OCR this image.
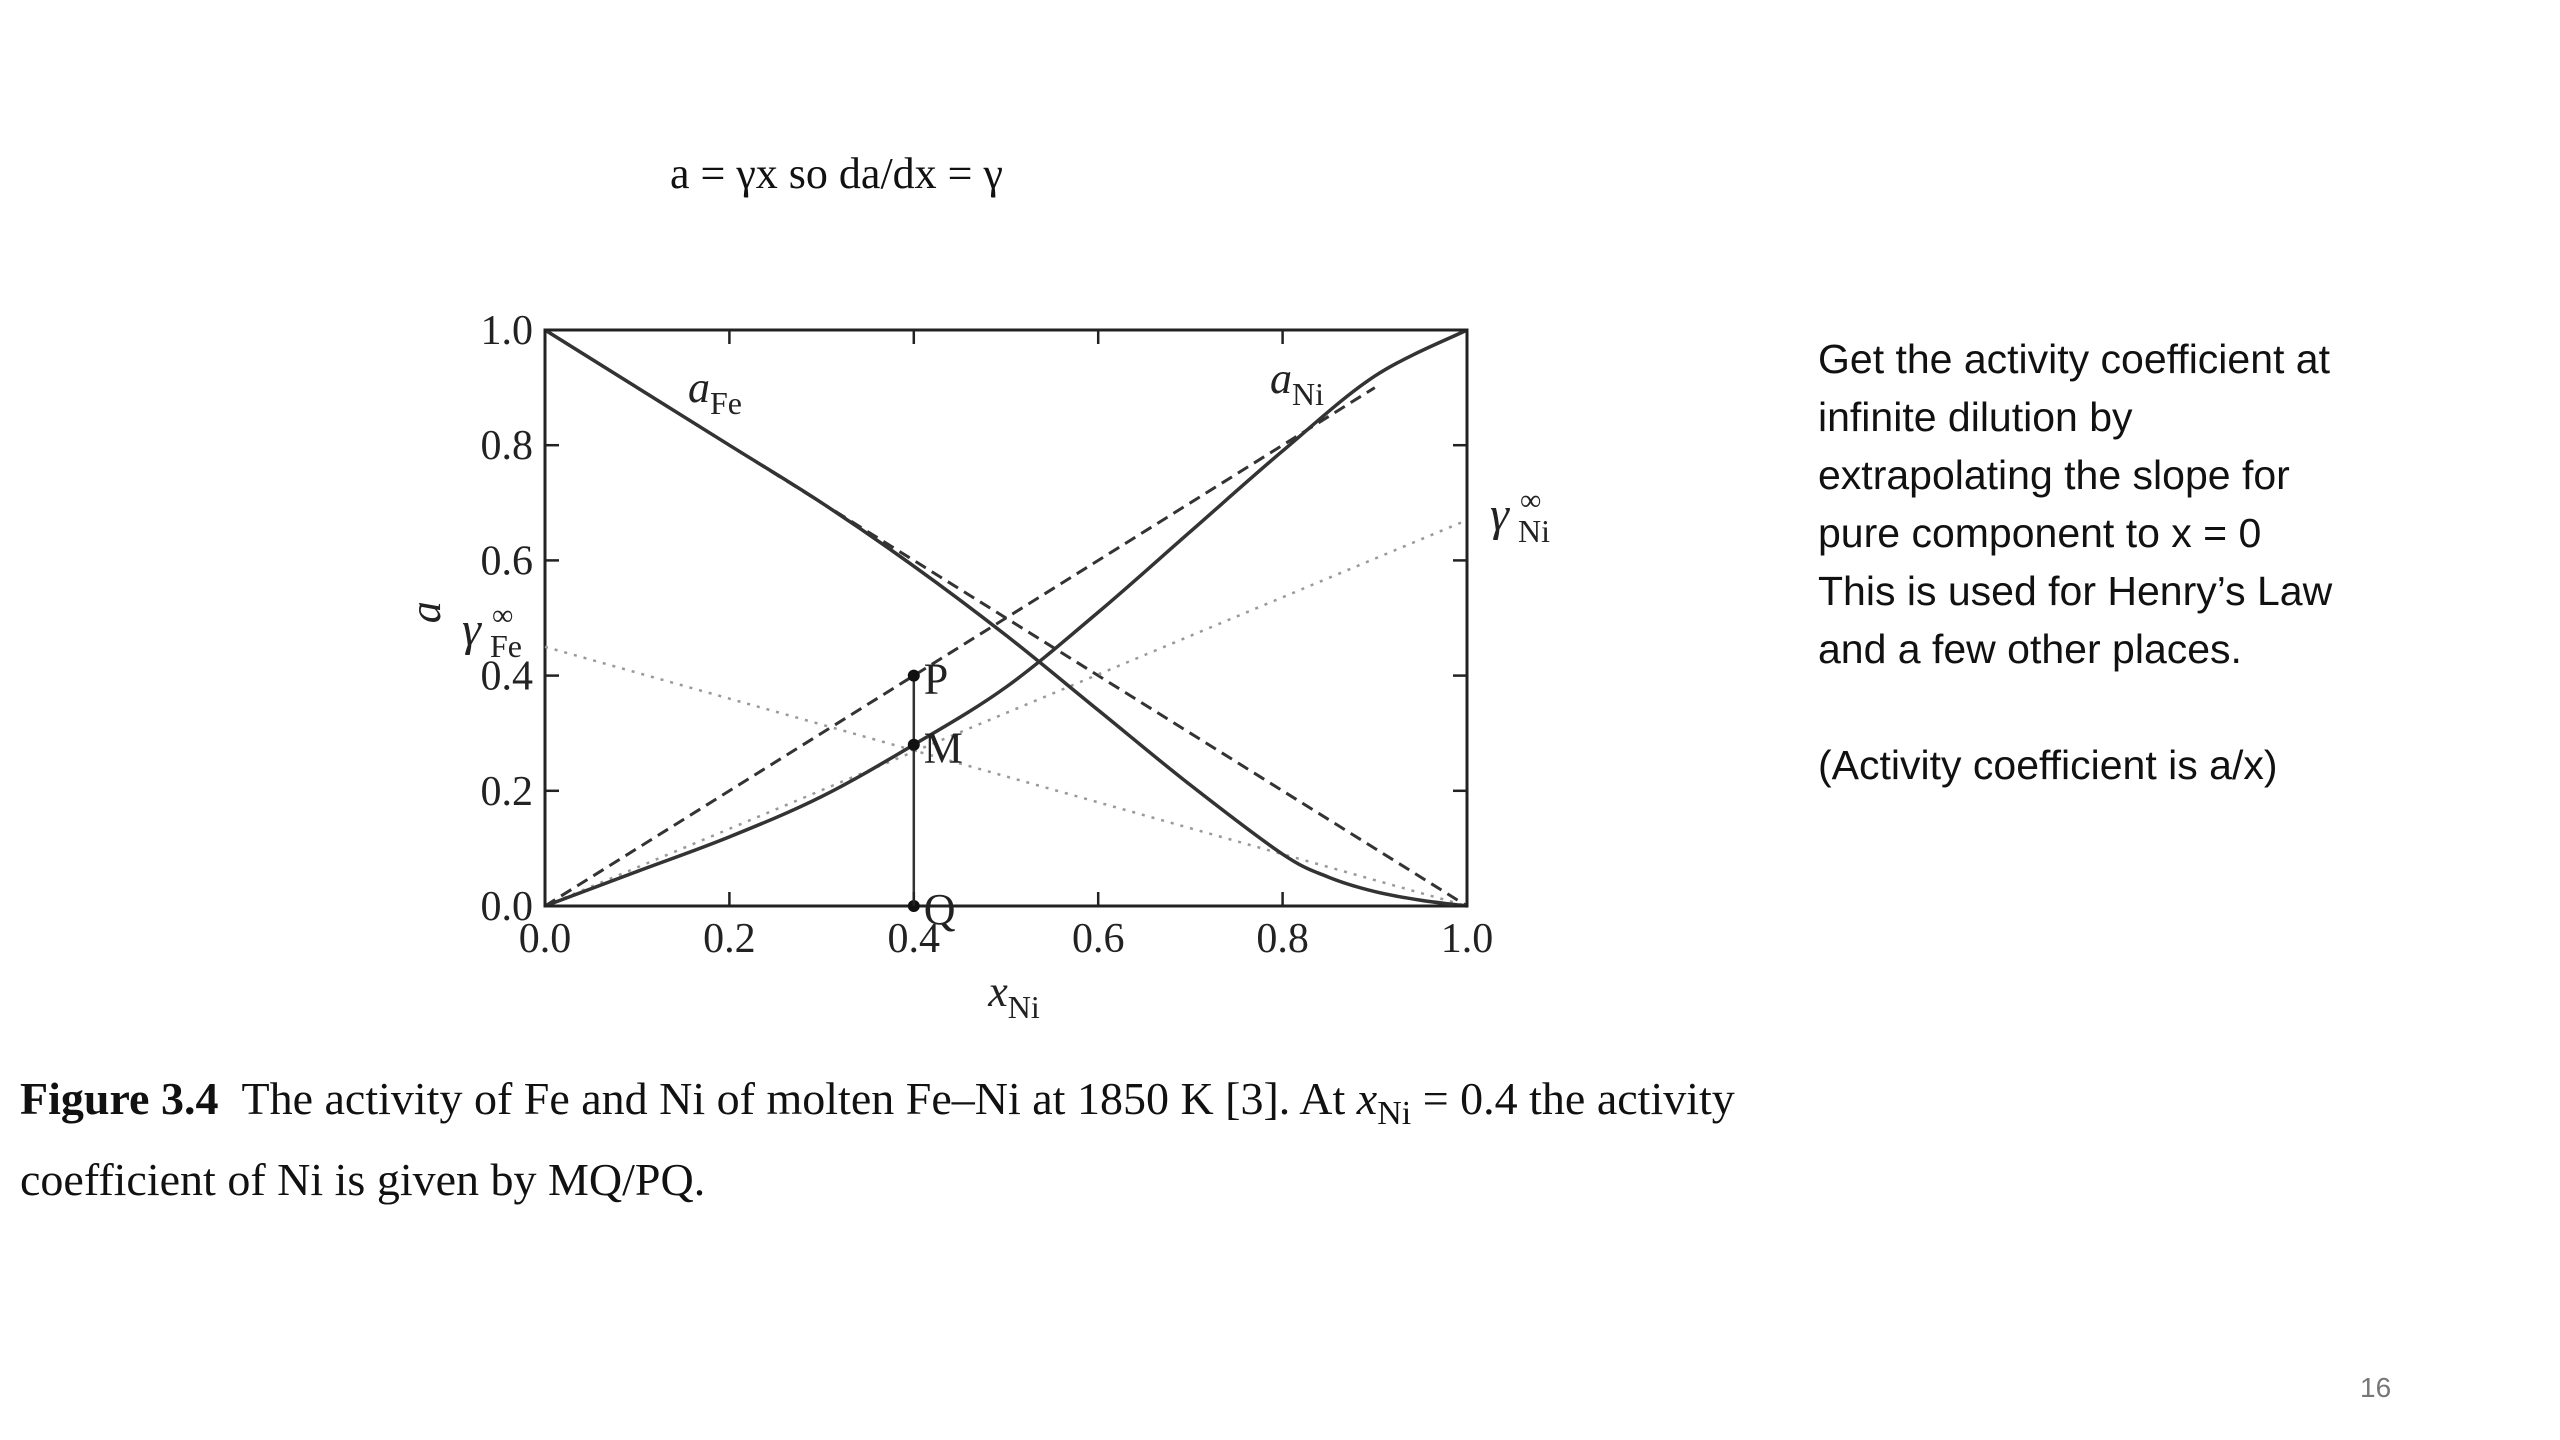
a = γx so da/dx = γ
P
M
Q
0.0	0.2	0.4	0.6	0.8	1.0
0.0
0.2
0.4
0.6
0.8
1.0
$x_{Ni}$
a
$a_{Fe}$	$a_{Ni}$
γ ∞
Ni
γ ∞
Fe

Get the activity coefficient at

infinite dilution by

extrapolating the slope for

pure component to x = 0

This is used for Henry’s Law

and a few other places.

(Activity coefficient is a/x)

Figure 3.4 The activity of Fe and Ni of molten Fe–Ni at 1850 K [3]. At $x_{Ni} = 0.4$ the activity
coefficient of Ni is given by MQ/PQ.
16
